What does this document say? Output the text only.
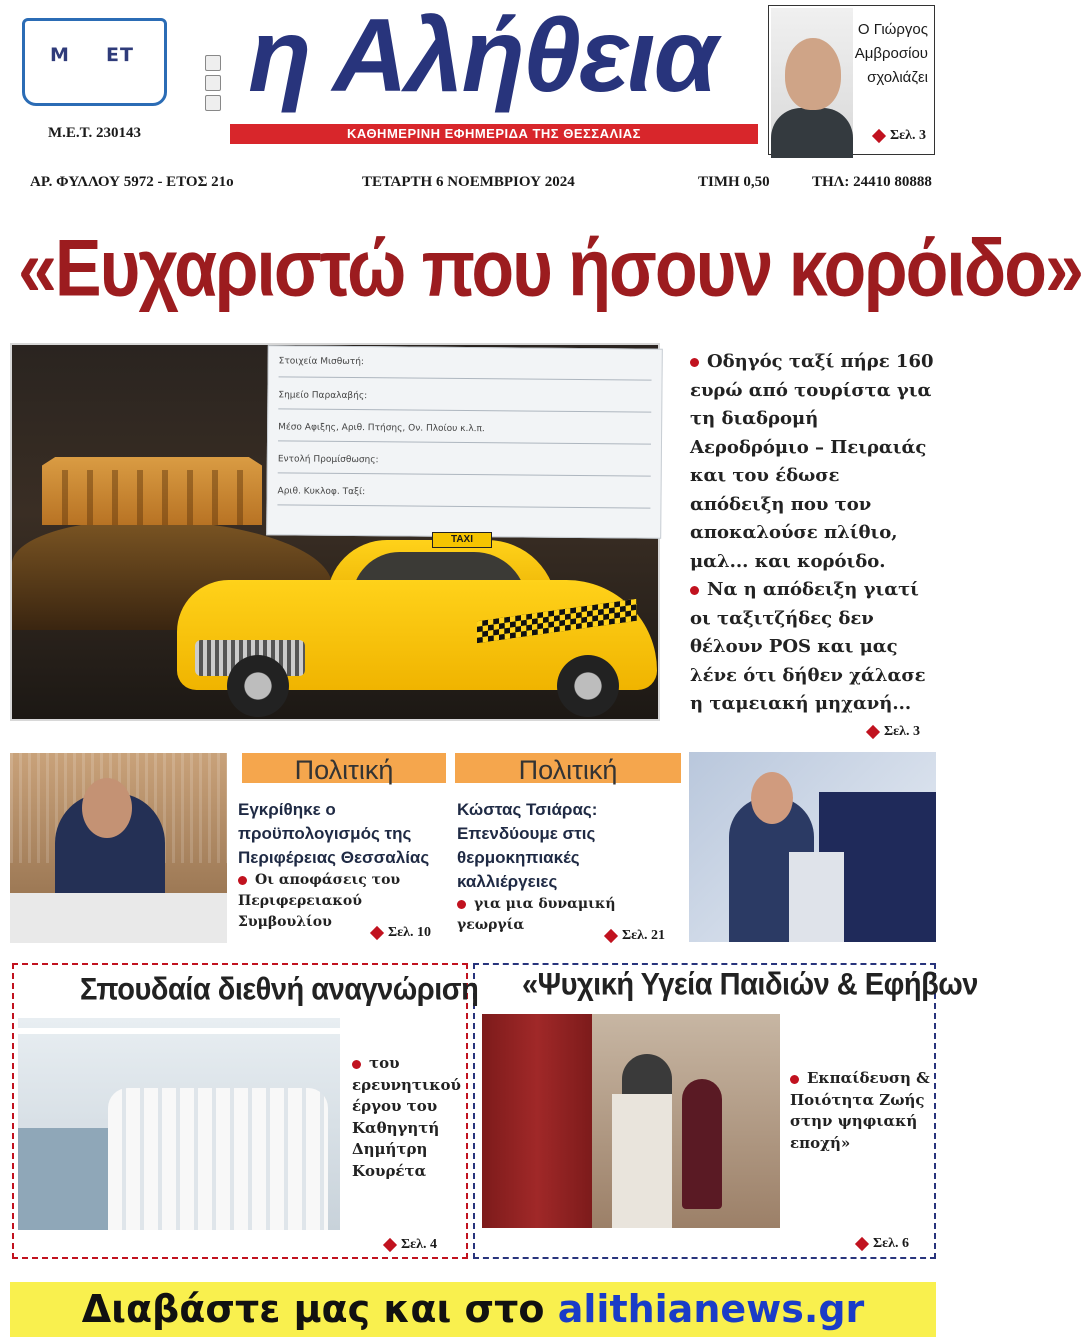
Μ ΕΤ
Μ.Ε.Τ. 230143
η Αλήθεια
ΚΑΘΗΜΕΡΙΝΗ ΕΦΗΜΕΡΙΔΑ ΤΗΣ ΘΕΣΣΑΛΙΑΣ
Ο Γιώργος
Αμβροσίου
σχολιάζει
Σελ. 3
ΑΡ. ΦΥΛΛΟΥ 5972 - ΕΤΟΣ 21ο	ΤΕΤΑΡΤΗ 6 ΝΟΕΜΒΡΙΟΥ 2024	ΤΙΜΗ 0,50	ΤΗΛ: 24410 80888
«Ευχαριστώ που ήσουν κορόιδο»
Στοιχεία Μισθωτή:
Σημείο Παραλαβής:
Μέσο Αφιξης, Αριθ. Πτήσης, Ον. Πλοίου κ.λ.π.
Εντολή Προμίσθωσης:
Αριθ. Κυκλοφ. Ταξί:
TAXI

Οδηγός ταξί πήρε 160 ευρώ από τουρίστα για τη διαδρομή Αεροδρόμιο – Πειραιάς και του έδωσε απόδειξη που τον αποκαλούσε πλίθιο, μαλ... και κορόιδο.

Να η απόδειξη γιατί οι ταξιτζήδες δεν θέλουν POS και μας λένε ότι δήθεν χάλασε η ταμειακή μηχανή...

Σελ. 3
Πολιτική
Εγκρίθηκε ο προϋπολογισμός της Περιφέρειας Θεσσαλίας
Οι αποφάσεις του Περιφερειακού Συμβουλίου
Σελ. 10
Πολιτική
Κώστας Τσιάρας: Επενδύουμε στις θερμοκηπιακές καλλιέργειες
για μια δυναμική γεωργία
Σελ. 21
Σπουδαία διεθνή αναγνώριση
του ερευνητικού έργου του Καθηγητή Δημήτρη Κουρέτα
Σελ. 4
«Ψυχική Υγεία Παιδιών & Εφήβων
Εκπαίδευση & Ποιότητα Ζωής στην ψηφιακή εποχή»
Σελ. 6
Διαβάστε μας και στο alithianews.gr
